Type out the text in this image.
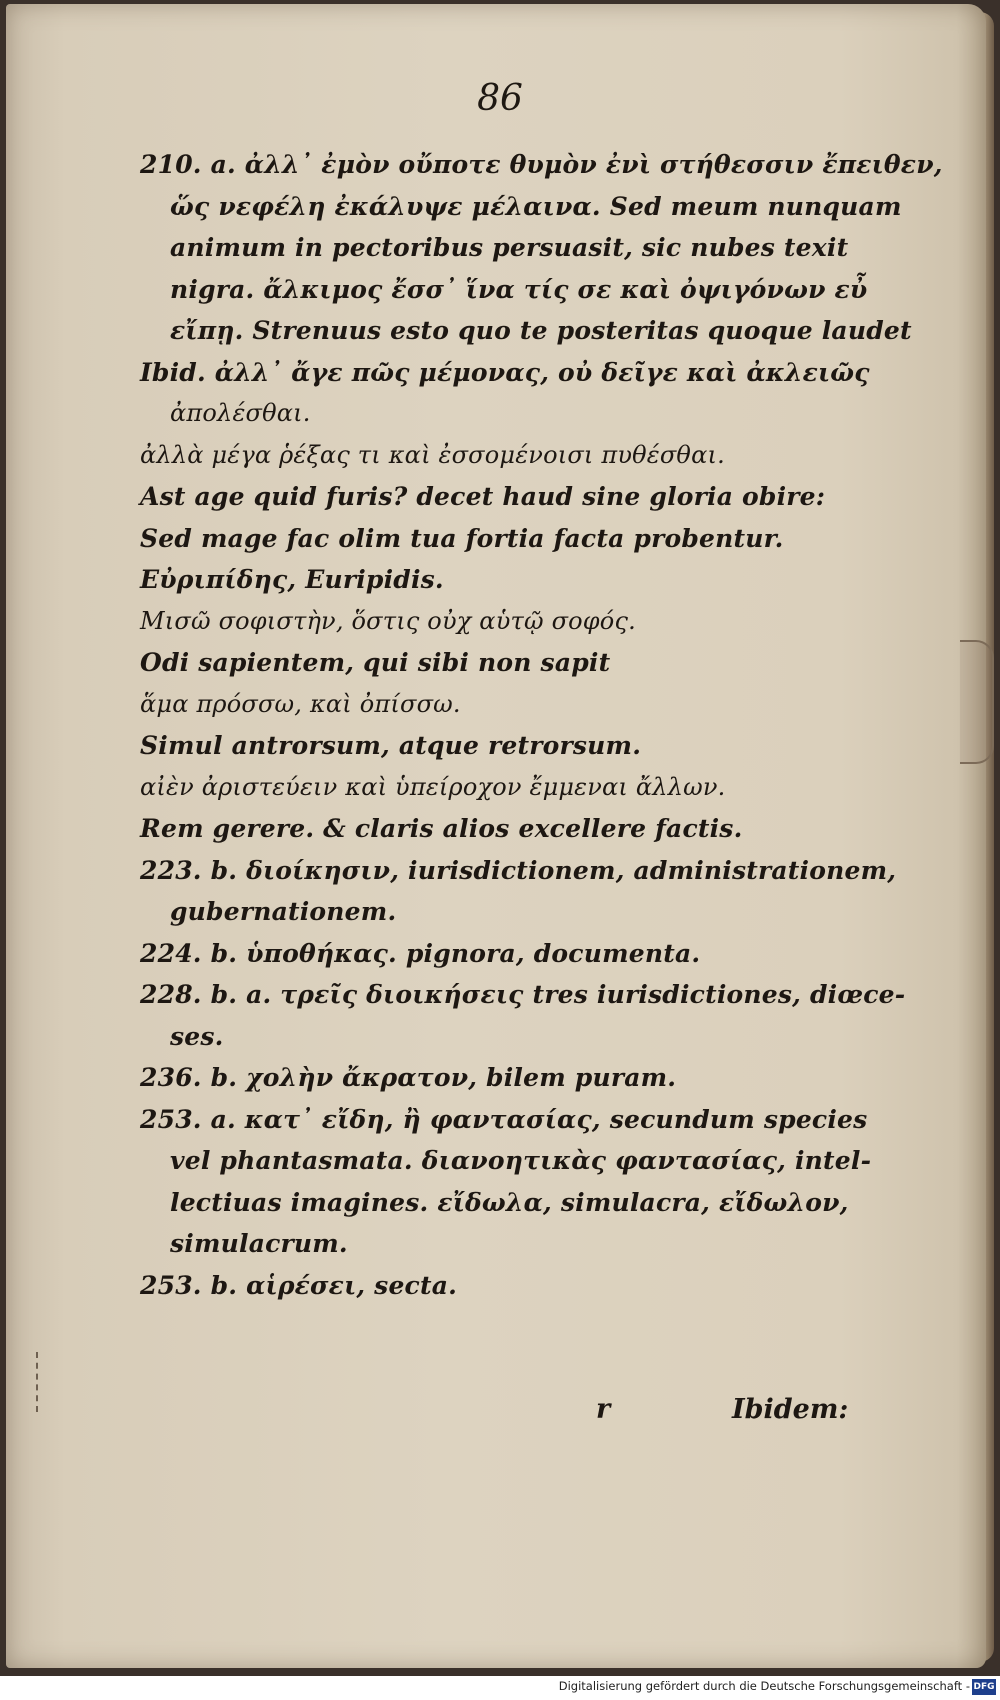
86

210. a. ἀλλ᾽ ἐμὸν οὔποτε θυμὸν ἐνὶ στήθεσσιν ἔπειθεν,

ὥς νεφέλη ἐκάλυψε μέλαινα. Sed meum nunquam

animum in pectoribus persuasit, sic nubes texit

nigra. ἄλκιμος ἔσσ᾽ ἵνα τίς σε καὶ ὀψιγόνων εὖ

εἴπῃ. Strenuus esto quo te posteritas quoque laudet

Ibid. ἀλλ᾽ ἄγε πῶς μέμονας, οὐ δεῖγε καὶ ἀκλειῶς

ἀπολέσθαι.

ἀλλὰ μέγα ῥέξας τι καὶ ἐσσομένοισι πυθέσθαι.

Ast age quid furis? decet haud sine gloria obire:

Sed mage fac olim tua fortia facta probentur.

Εὐριπίδης, Euripidis.

Μισῶ σοφιστὴν, ὅστις οὐχ αὑτῷ σοφός.

Odi sapientem, qui sibi non sapit

ἅμα πρόσσω, καὶ ὀπίσσω.

Simul antrorsum, atque retrorsum.

αἰὲν ἀριστεύειν καὶ ὑπείροχον ἔμμεναι ἄλλων.

Rem gerere. & claris alios excellere factis.

223. b. διοίκησιν, iurisdictionem, administrationem,

gubernationem.

224. b. ὑποθήκας. pignora, documenta.

228. b. a. τρεῖς διοικήσεις tres iurisdictiones, diœce-

ses.

236. b. χολὴν ἄκρατον, bilem puram.

253. a. κατ᾽ εἴδη, ἢ φαντασίας, secundum species

vel phantasmata. διανοητικὰς φαντασίας, intel-

lectiuas imagines. εἴδωλα, simulacra, εἴδωλον,

simulacrum.

253. b. αἱρέσει, secta.

r	Ibidem:
Digitalisierung gefördert durch die Deutsche Forschungsgemeinschaft - DFG
